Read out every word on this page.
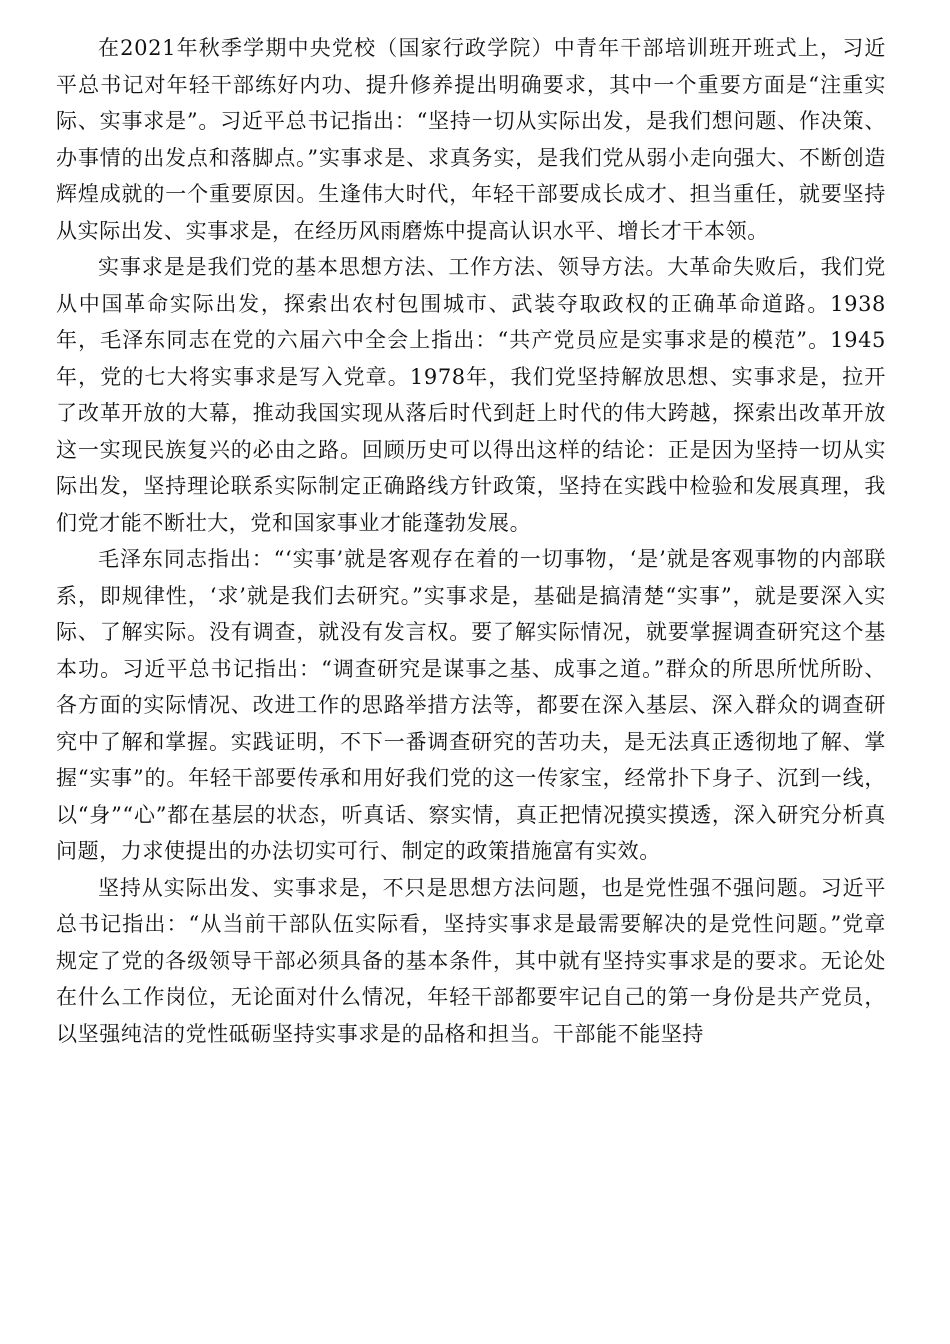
在2021年秋季学期中央党校（国家行政学院）中青年干部培训班开班式上，习近平总书记对年轻干部练好内功、提升修养提出明确要求，其中一个重要方面是“注重实际、实事求是”。习近平总书记指出：“坚持一切从实际出发，是我们想问题、作决策、办事情的出发点和落脚点。”实事求是、求真务实，是我们党从弱小走向强大、不断创造辉煌成就的一个重要原因。生逢伟大时代，年轻干部要成长成才、担当重任，就要坚持从实际出发、实事求是，在经历风雨磨炼中提高认识水平、增长才干本领。

实事求是是我们党的基本思想方法、工作方法、领导方法。大革命失败后，我们党从中国革命实际出发，探索出农村包围城市、武装夺取政权的正确革命道路。1938年，毛泽东同志在党的六届六中全会上指出：“共产党员应是实事求是的模范”。1945年，党的七大将实事求是写入党章。1978年，我们党坚持解放思想、实事求是，拉开了改革开放的大幕，推动我国实现从落后时代到赶上时代的伟大跨越，探索出改革开放这一实现民族复兴的必由之路。回顾历史可以得出这样的结论：正是因为坚持一切从实际出发，坚持理论联系实际制定正确路线方针政策，坚持在实践中检验和发展真理，我们党才能不断壮大，党和国家事业才能蓬勃发展。

毛泽东同志指出：“‘实事’就是客观存在着的一切事物，‘是’就是客观事物的内部联系，即规律性，‘求’就是我们去研究。”实事求是，基础是搞清楚“实事”，就是要深入实际、了解实际。没有调查，就没有发言权。要了解实际情况，就要掌握调查研究这个基本功。习近平总书记指出：“调查研究是谋事之基、成事之道。”群众的所思所忧所盼、各方面的实际情况、改进工作的思路举措方法等，都要在深入基层、深入群众的调查研究中了解和掌握。实践证明，不下一番调查研究的苦功夫，是无法真正透彻地了解、掌握“实事”的。年轻干部要传承和用好我们党的这一传家宝，经常扑下身子、沉到一线，以“身”“心”都在基层的状态，听真话、察实情，真正把情况摸实摸透，深入研究分析真问题，力求使提出的办法切实可行、制定的政策措施富有实效。

坚持从实际出发、实事求是，不只是思想方法问题，也是党性强不强问题。习近平总书记指出：“从当前干部队伍实际看，坚持实事求是最需要解决的是党性问题。”党章规定了党的各级领导干部必须具备的基本条件，其中就有坚持实事求是的要求。无论处在什么工作岗位，无论面对什么情况，年轻干部都要牢记自己的第一身份是共产党员，以坚强纯洁的党性砥砺坚持实事求是的品格和担当。干部能不能坚持
